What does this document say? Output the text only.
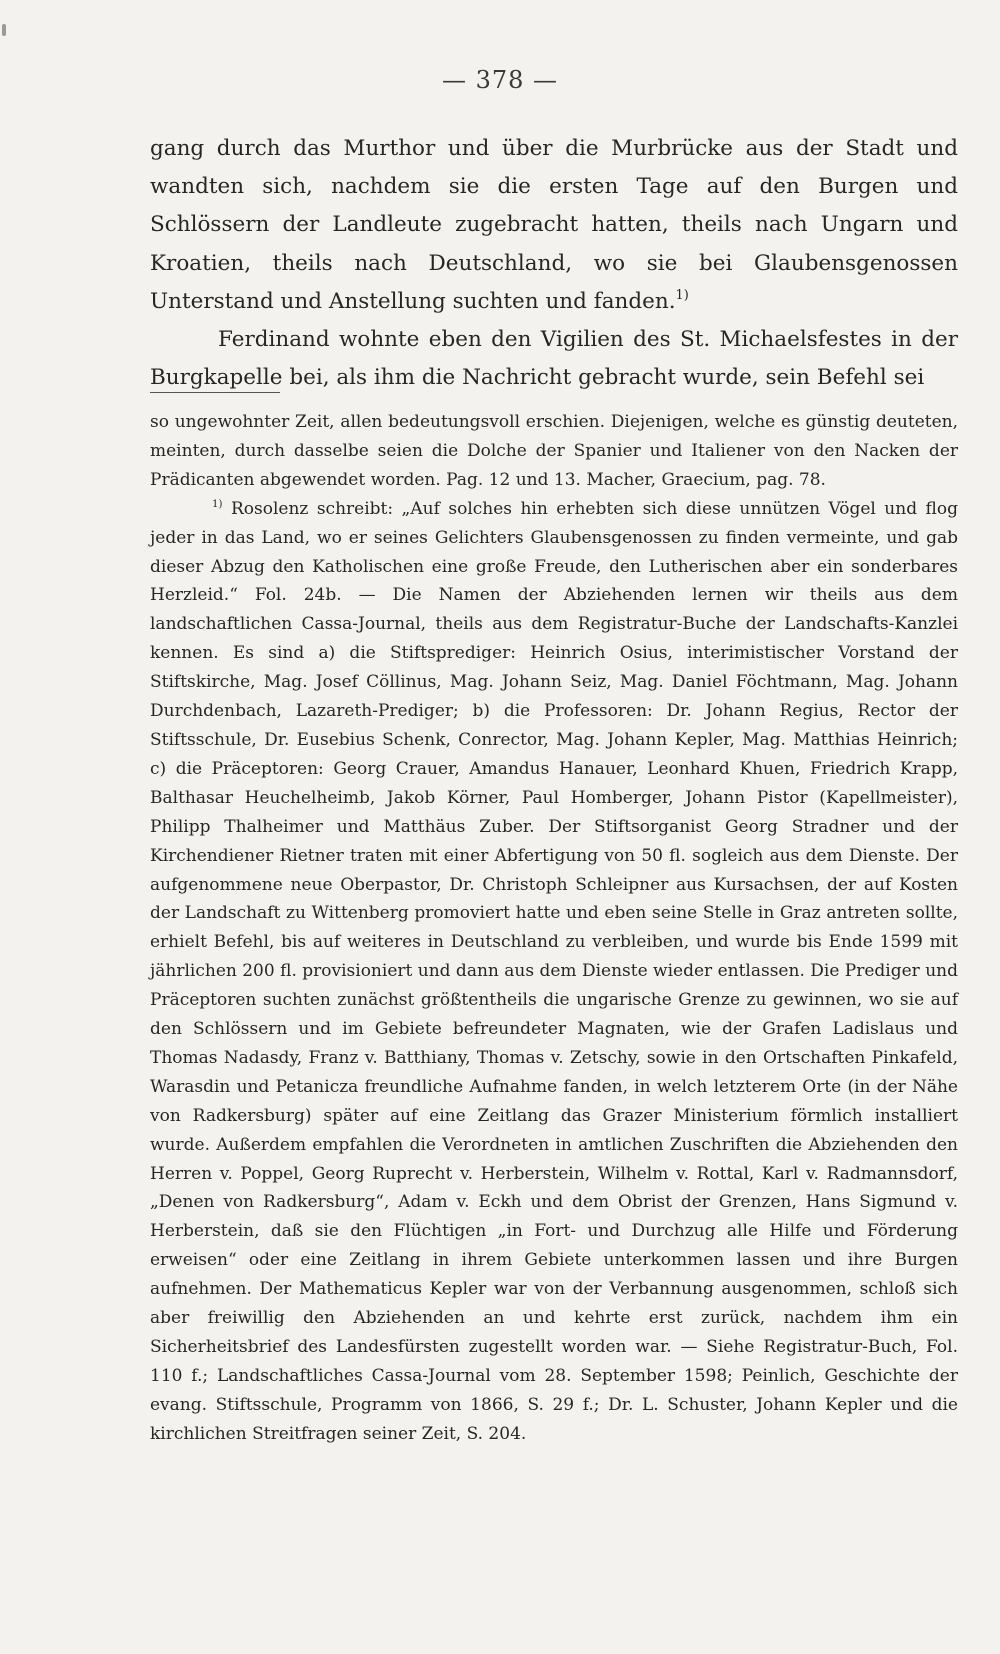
— 378 —

gang durch das Murthor und über die Murbrücke aus der Stadt und wandten sich, nachdem sie die ersten Tage auf den Burgen und Schlössern der Landleute zugebracht hatten, theils nach Ungarn und Kroatien, theils nach Deutschland, wo sie bei Glaubensgenossen Unterstand und Anstellung suchten und fanden.$^{1)}$

Ferdinand wohnte eben den Vigilien des St. Michaelsfestes in der Burgkapelle bei, als ihm die Nachricht gebracht wurde, sein Befehl sei

so ungewohnter Zeit, allen bedeutungsvoll erschien. Diejenigen, welche es günstig deuteten, meinten, durch dasselbe seien die Dolche der Spanier und Italiener von den Nacken der Prädicanten abgewendet worden. Pag. 12 und 13. Macher, Graecium, pag. 78.

$^{1)}$ Rosolenz schreibt: „Auf solches hin erhebten sich diese unnützen Vögel und flog jeder in das Land, wo er seines Gelichters Glaubensgenossen zu finden vermeinte, und gab dieser Abzug den Katholischen eine große Freude, den Lutherischen aber ein sonderbares Herzleid.“ Fol. 24b. — Die Namen der Abziehenden lernen wir theils aus dem landschaftlichen Cassa-Journal, theils aus dem Registratur-Buche der Landschafts-Kanzlei kennen. Es sind a) die Stiftsprediger: Heinrich Osius, interimistischer Vorstand der Stiftskirche, Mag. Josef Cöllinus, Mag. Johann Seiz, Mag. Daniel Föchtmann, Mag. Johann Durchdenbach, Lazareth-Prediger; b) die Professoren: Dr. Johann Regius, Rector der Stiftsschule, Dr. Eusebius Schenk, Conrector, Mag. Johann Kepler, Mag. Matthias Heinrich; c) die Präceptoren: Georg Crauer, Amandus Hanauer, Leonhard Khuen, Friedrich Krapp, Balthasar Heuchelheimb, Jakob Körner, Paul Homberger, Johann Pistor (Kapellmeister), Philipp Thalheimer und Matthäus Zuber. Der Stiftsorganist Georg Stradner und der Kirchendiener Rietner traten mit einer Abfertigung von 50 fl. sogleich aus dem Dienste. Der aufgenommene neue Oberpastor, Dr. Christoph Schleipner aus Kursachsen, der auf Kosten der Landschaft zu Wittenberg promoviert hatte und eben seine Stelle in Graz antreten sollte, erhielt Befehl, bis auf weiteres in Deutschland zu verbleiben, und wurde bis Ende 1599 mit jährlichen 200 fl. provisioniert und dann aus dem Dienste wieder entlassen. Die Prediger und Präceptoren suchten zunächst größtentheils die ungarische Grenze zu gewinnen, wo sie auf den Schlössern und im Gebiete befreundeter Magnaten, wie der Grafen Ladislaus und Thomas Nadasdy, Franz v. Batthiany, Thomas v. Zetschy, sowie in den Ortschaften Pinkafeld, Warasdin und Petanicza freundliche Aufnahme fanden, in welch letzterem Orte (in der Nähe von Radkersburg) später auf eine Zeitlang das Grazer Ministerium förmlich installiert wurde. Außerdem empfahlen die Verordneten in amtlichen Zuschriften die Abziehenden den Herren v. Poppel, Georg Ruprecht v. Herberstein, Wilhelm v. Rottal, Karl v. Radmannsdorf, „Denen von Radkersburg“, Adam v. Eckh und dem Obrist der Grenzen, Hans Sigmund v. Herberstein, daß sie den Flüchtigen „in Fort- und Durchzug alle Hilfe und Förderung erweisen“ oder eine Zeitlang in ihrem Gebiete unterkommen lassen und ihre Burgen aufnehmen. Der Mathematicus Kepler war von der Verbannung ausgenommen, schloß sich aber freiwillig den Abziehenden an und kehrte erst zurück, nachdem ihm ein Sicherheitsbrief des Landesfürsten zugestellt worden war. — Siehe Registratur-Buch, Fol. 110 f.; Landschaftliches Cassa-Journal vom 28. September 1598; Peinlich, Geschichte der evang. Stiftsschule, Programm von 1866, S. 29 f.; Dr. L. Schuster, Johann Kepler und die kirchlichen Streitfragen seiner Zeit, S. 204.
